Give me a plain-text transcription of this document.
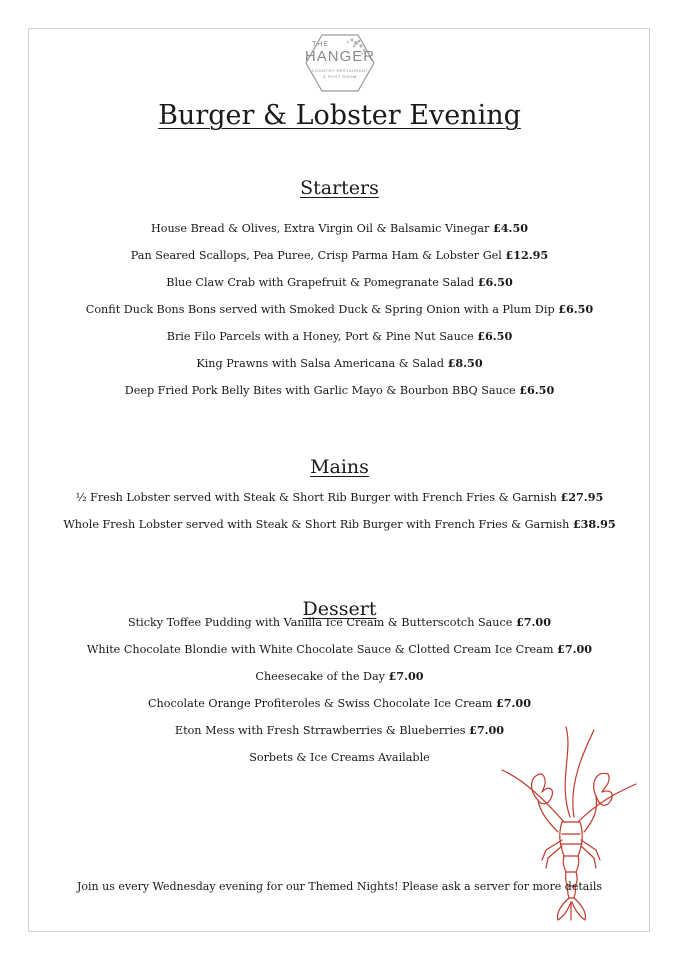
THE
HANGER
COUNTRY RESTAURANT
& POST ROOM
Burger & Lobster Evening
Starters
House Bread & Olives, Extra Virgin Oil & Balsamic Vinegar £4.50
Pan Seared Scallops, Pea Puree, Crisp Parma Ham & Lobster Gel £12.95
Blue Claw Crab with Grapefruit & Pomegranate Salad £6.50
Confit Duck Bons Bons served with Smoked Duck & Spring Onion with a Plum Dip £6.50
Brie Filo Parcels with a Honey, Port & Pine Nut Sauce £6.50
King Prawns with Salsa Americana & Salad £8.50
Deep Fried Pork Belly Bites with Garlic Mayo & Bourbon BBQ Sauce £6.50
Mains
½ Fresh Lobster served with Steak & Short Rib Burger with French Fries & Garnish £27.95
Whole Fresh Lobster served with Steak & Short Rib Burger with French Fries & Garnish £38.95
Dessert
Sticky Toffee Pudding with Vanilla Ice Cream & Butterscotch Sauce £7.00
White Chocolate Blondie with White Chocolate Sauce & Clotted Cream Ice Cream £7.00
Cheesecake of the Day £7.00
Chocolate Orange Profiteroles & Swiss Chocolate Ice Cream £7.00
Eton Mess with Fresh Strrawberries & Blueberries £7.00
Sorbets & Ice Creams Available
Join us every Wednesday evening for our Themed Nights! Please ask a server for more details
